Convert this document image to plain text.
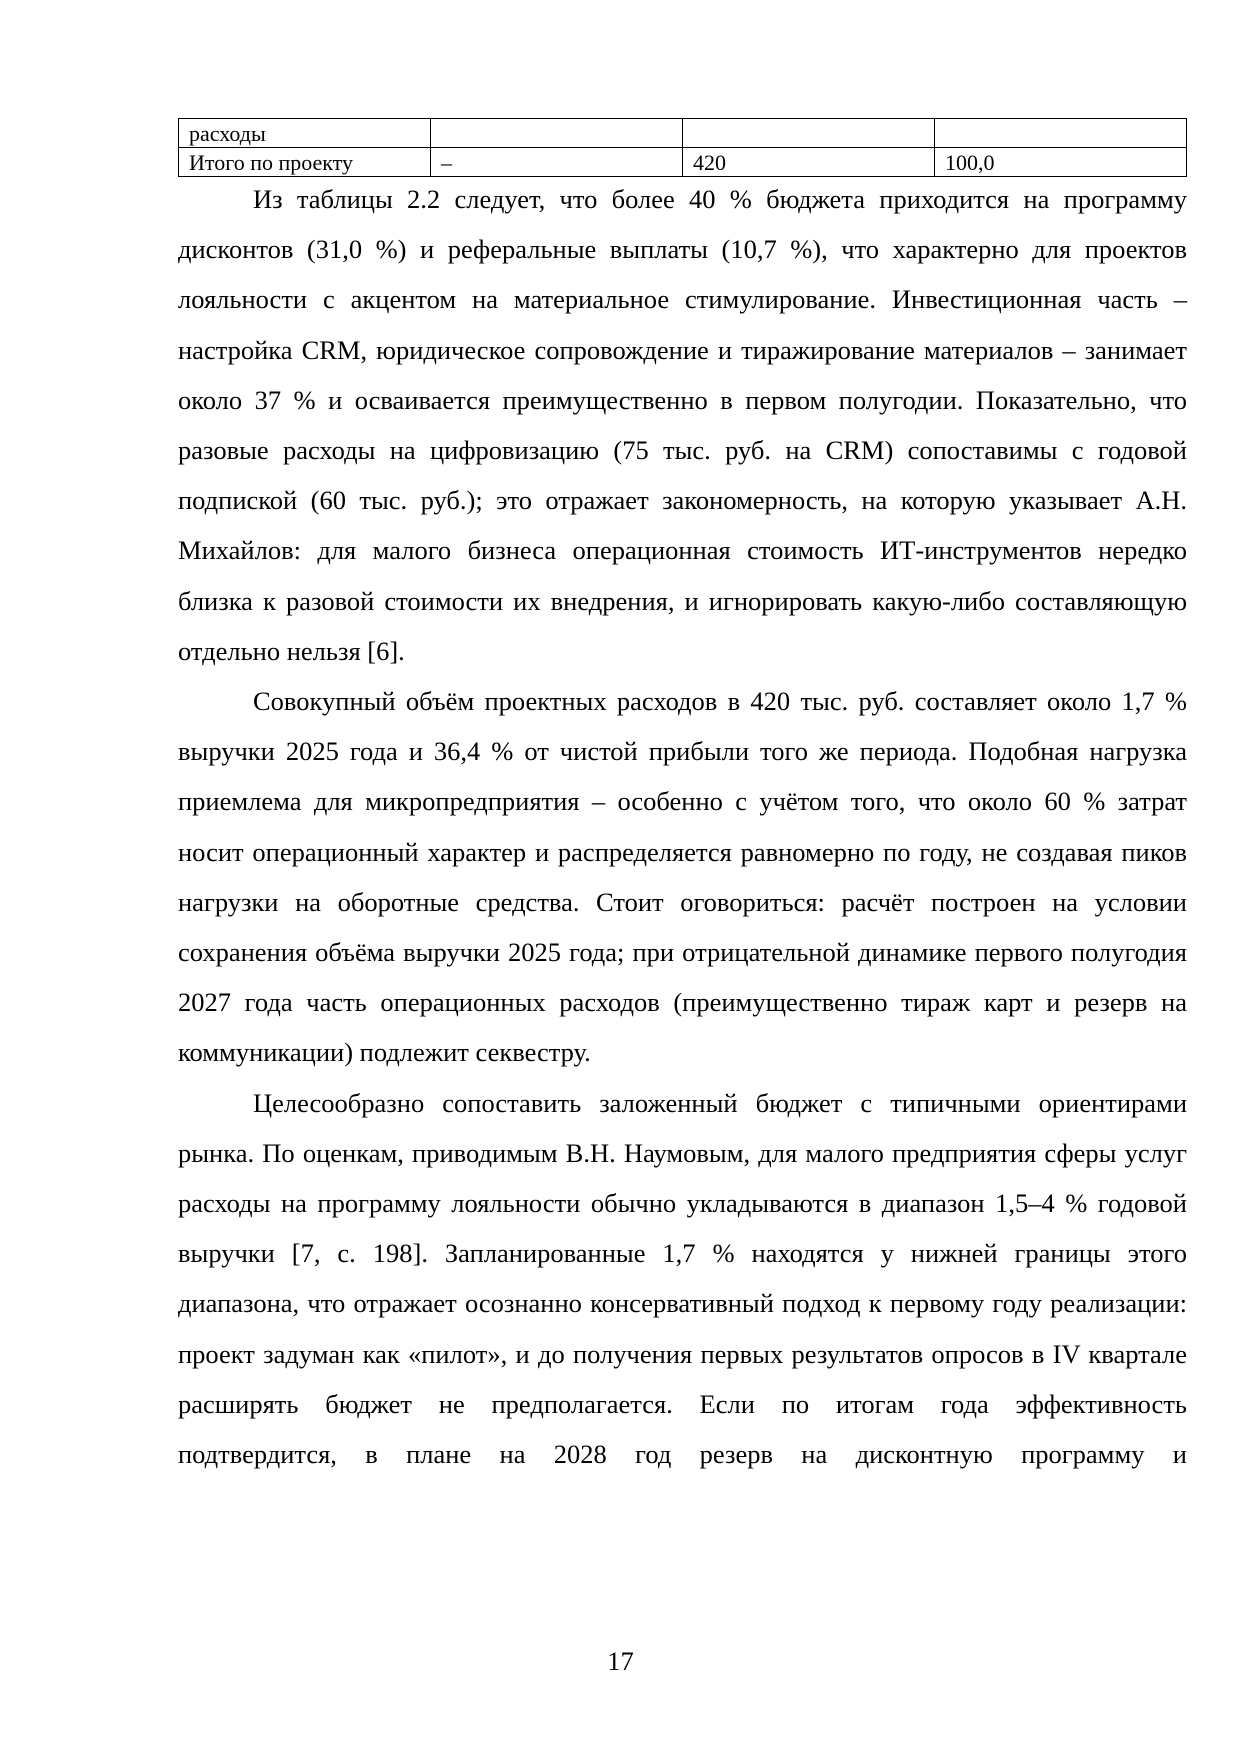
расходы			
Итого по проекту	–	420	100,0

Из таблицы 2.2 следует, что более 40 % бюджета приходится на программу дисконтов (31,0 %) и реферальные выплаты (10,7 %), что характерно для проектов лояльности с акцентом на материальное стимулирование. Инвестиционная часть – настройка CRM, юридическое сопровождение и тиражирование материалов – занимает около 37 % и осваивается преимущественно в первом полугодии. Показательно, что разовые расходы на цифровизацию (75 тыс. руб. на CRM) сопоставимы с годовой подпиской (60 тыс. руб.); это отражает закономерность, на которую указывает А.Н. Михайлов: для малого бизнеса операционная стоимость ИТ-инструментов нередко близка к разовой стоимости их внедрения, и игнорировать какую-либо составляющую отдельно нельзя [6].

Совокупный объём проектных расходов в 420 тыс. руб. составляет около 1,7 % выручки 2025 года и 36,4 % от чистой прибыли того же периода. Подобная нагрузка приемлема для микропредприятия – особенно с учётом того, что около 60 % затрат носит операционный характер и распределяется равномерно по году, не создавая пиков нагрузки на оборотные средства. Стоит оговориться: расчёт построен на условии сохранения объёма выручки 2025 года; при отрицательной динамике первого полугодия 2027 года часть операционных расходов (преимущественно тираж карт и резерв на коммуникации) подлежит секвестру.

Целесообразно сопоставить заложенный бюджет с типичными ориентирами рынка. По оценкам, приводимым В.Н. Наумовым, для малого предприятия сферы услуг расходы на программу лояльности обычно укладываются в диапазон 1,5–4 % годовой выручки [7, с. 198]. Запланированные 1,7 % находятся у нижней границы этого диапазона, что отражает осознанно консервативный подход к первому году реализации: проект задуман как «пилот», и до получения первых результатов опросов в IV квартале расширять бюджет не предполагается. Если по итогам года эффективность подтвердится, в плане на 2028 год резерв на дисконтную программу и

17
